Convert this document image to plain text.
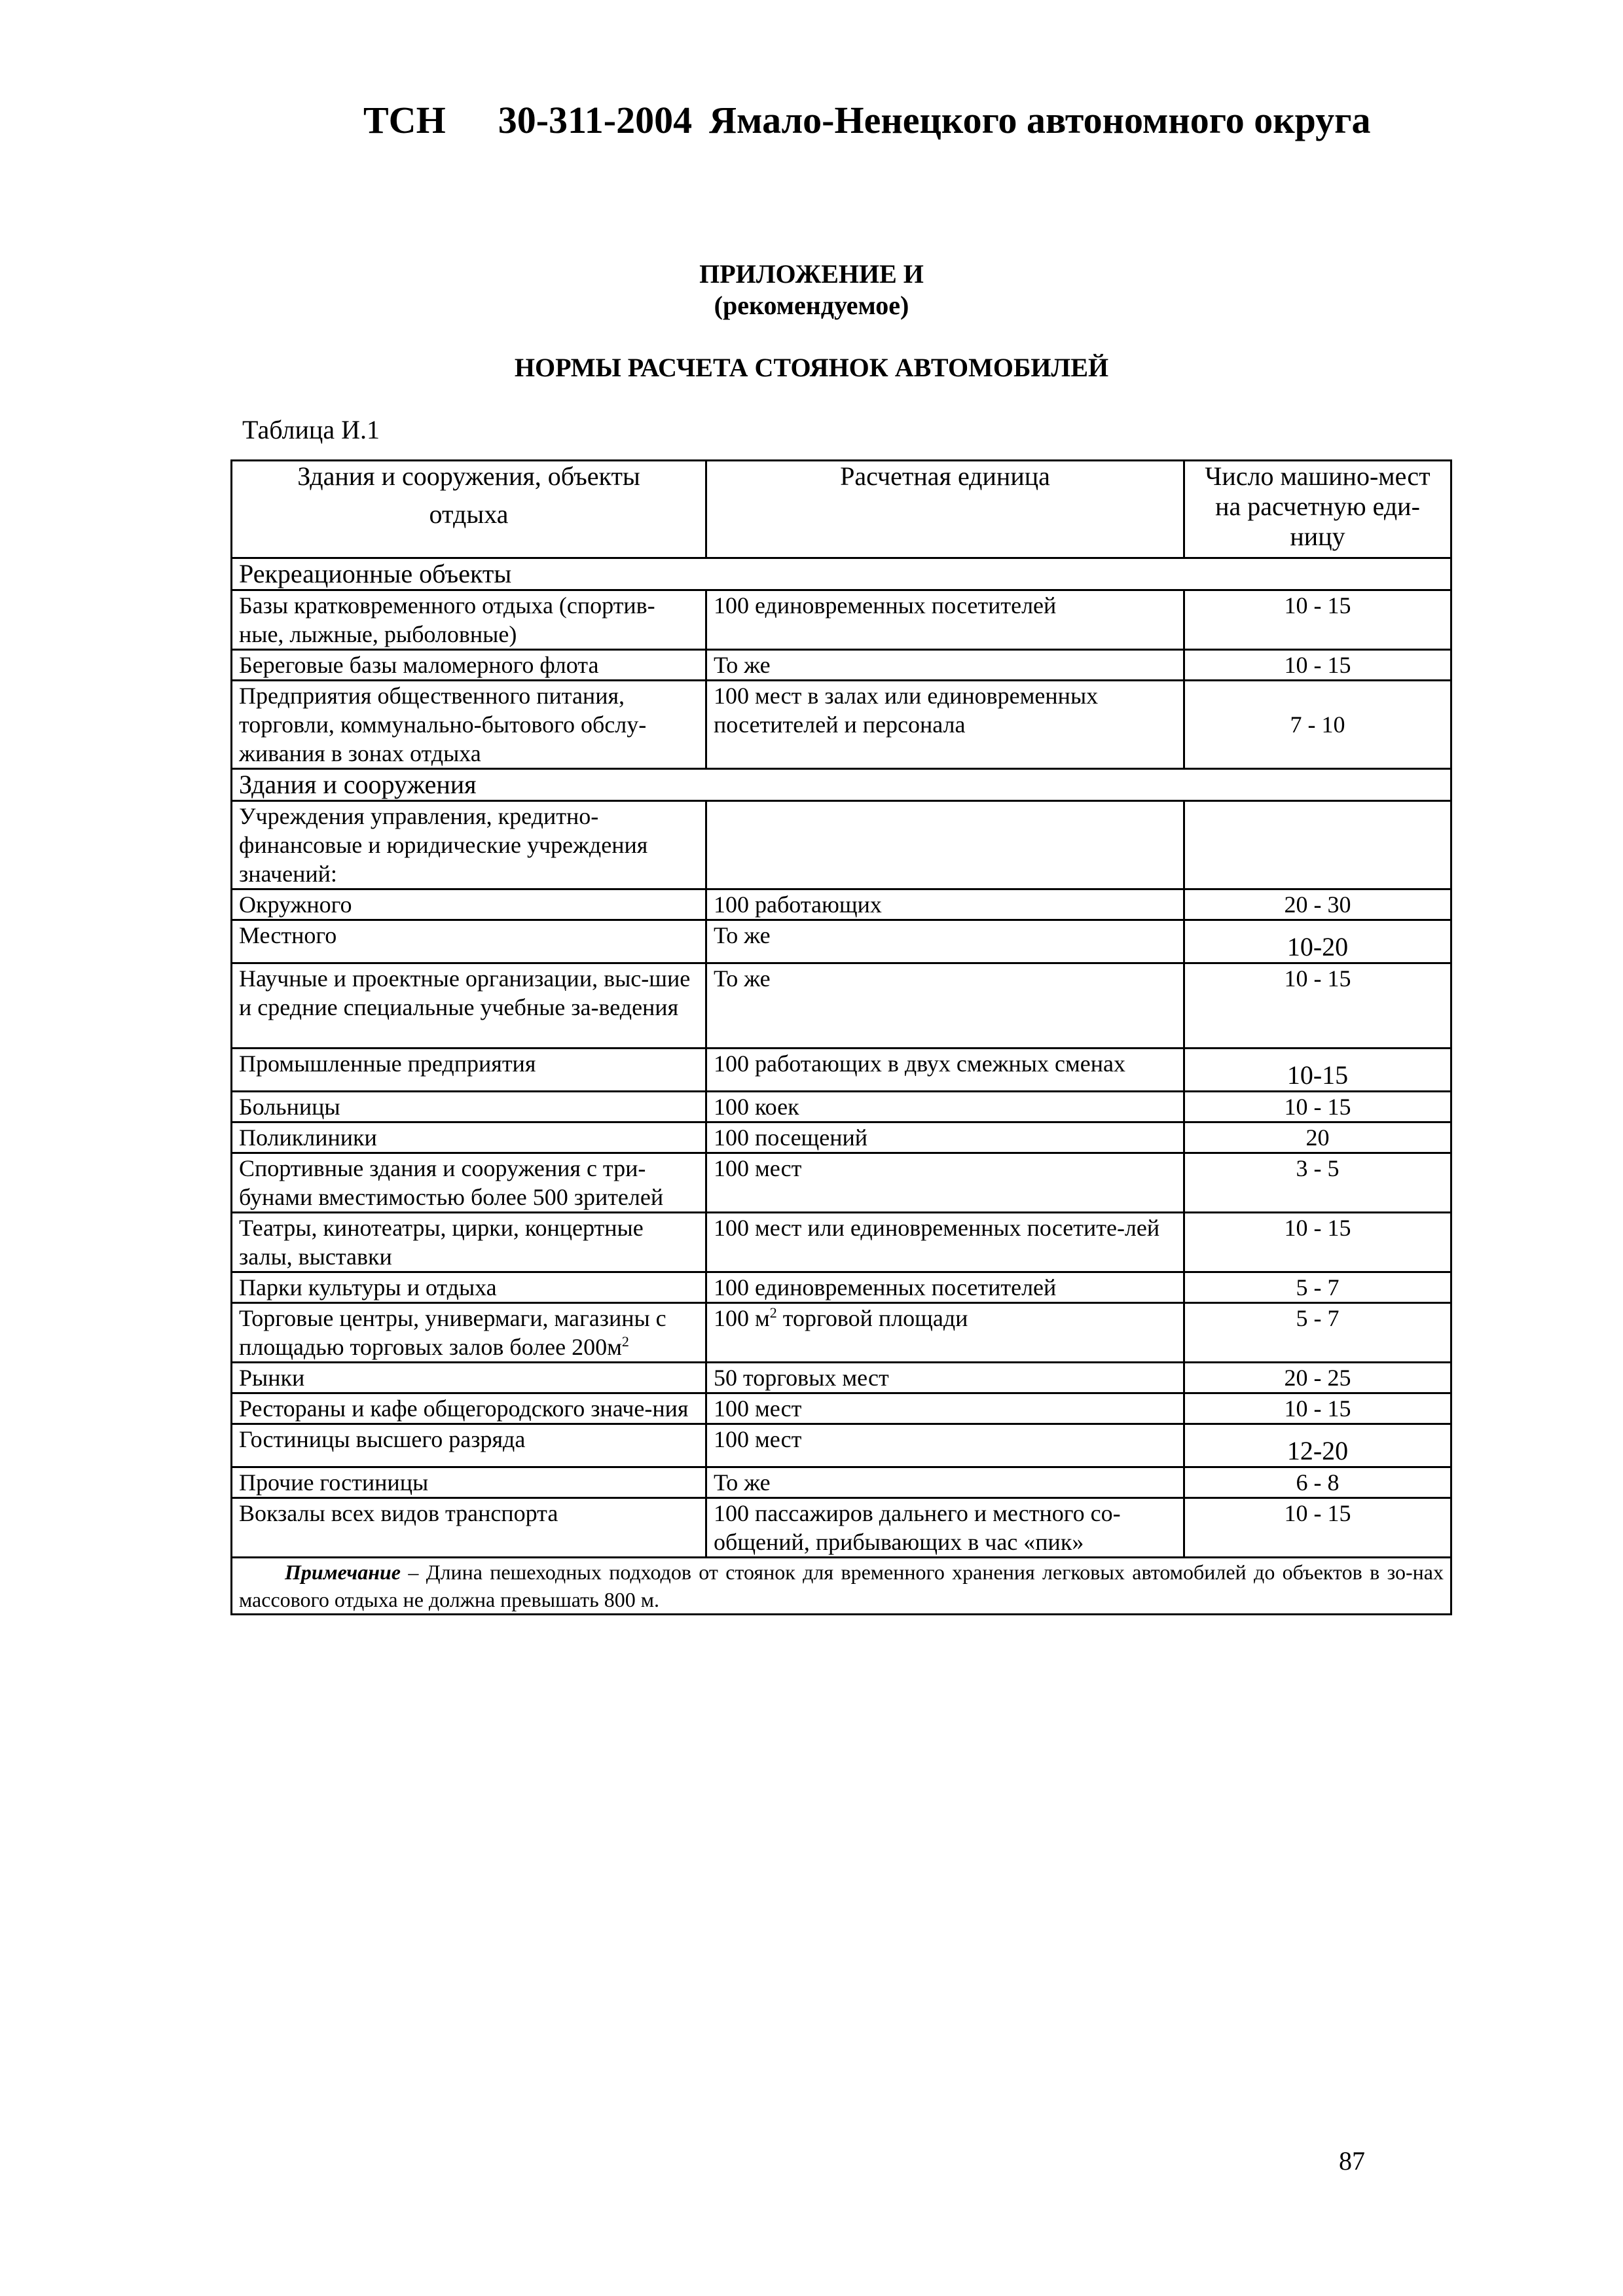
ТСН 30-311-2004 Ямало-Ненецкого автономного округа
ПРИЛОЖЕНИЕ И
(рекомендуемое)
НОРМЫ РАСЧЕТА СТОЯНОК АВТОМОБИЛЕЙ
Таблица И.1
Здания и сооружения, объекты
отдыха	Расчетная единица	Число машино-мест на расчетную еди-ницу
Рекреационные объекты		
Базы кратковременного отдыха (спортив-ные, лыжные, рыболовные)	100 единовременных посетителей	10 - 15
Береговые базы маломерного флота	То же	10 - 15
Предприятия общественного питания, торговли, коммунально-бытового обслу-живания в зонах отдыха	100 мест в залах или единовременных посетителей и персонала	7 - 10
Здания и сооружения		
Учреждения управления, кредитно-финансовые и юридические учреждения значений:		
Окружного	100 работающих	20 - 30
Местного	То же	10-20
Научные и проектные организации, выс-шие и средние специальные учебные за-ведения	То же	10 - 15
Промышленные предприятия	100 работающих в двух смежных сменах	10-15
Больницы	100 коек	10 - 15
Поликлиники	100 посещений	20
Спортивные здания и сооружения с три-бунами вместимостью более 500 зрителей	100 мест	3 - 5
Театры, кинотеатры, цирки, концертные залы, выставки	100 мест или единовременных посетите-лей	10 - 15
Парки культуры и отдыха	100 единовременных посетителей	5 - 7
Торговые центры, универмаги, магазины с площадью торговых залов более $200м^2$	100 $м^2$ торговой площади	5 - 7
Рынки	50 торговых мест	20 - 25
Рестораны и кафе общегородского значе-ния	100 мест	10 - 15
Гостиницы высшего разряда	100 мест	12-20
Прочие гостиницы	То же	6 - 8
Вокзалы всех видов транспорта	100 пассажиров дальнего и местного со-общений, прибывающих в час «пик»	10 - 15
Примечание – Длина пешеходных подходов от стоянок для временного хранения легковых автомобилей до объектов в зо-нах массового отдыха не должна превышать 800 м.		
87
